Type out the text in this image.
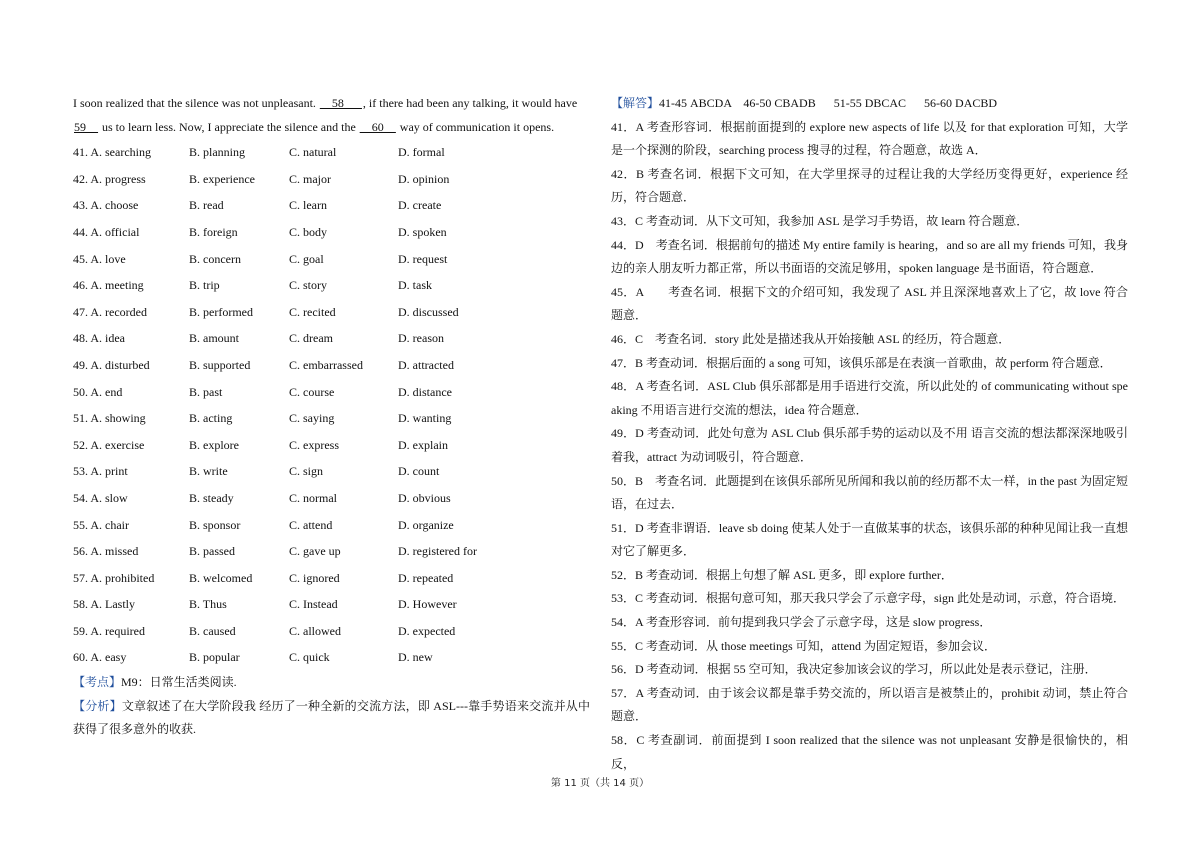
I soon realized that the silence was not unpleasant. __58___, if there had been any talking, it would have
59__ us to learn less. Now, I appreciate the silence and the __60__ way of communication it opens.
41. A. searching	B. planning	C. natural	D. formal
42. A. progress	B. experience	C. major	D. opinion
43. A. choose	B. read	C. learn	D. create
44. A. official	B. foreign	C. body	D. spoken
45. A. love	B. concern	C. goal	D. request
46. A. meeting	B. trip	C. story	D. task
47. A. recorded	B. performed	C. recited	D. discussed
48. A. idea	B. amount	C. dream	D. reason
49. A. disturbed	B. supported	C. embarrassed	D. attracted
50. A. end	B. past	C. course	D. distance
51. A. showing	B. acting	C. saying	D. wanting
52. A. exercise	B. explore	C. express	D. explain
53. A. print	B. write	C. sign	D. count
54. A. slow	B. steady	C. normal	D. obvious
55. A. chair	B. sponsor	C. attend	D. organize
56. A. missed	B. passed	C. gave up	D. registered for
57. A. prohibited	B. welcomed	C. ignored	D. repeated
58. A. Lastly	B. Thus	C. Instead	D. However
59. A. required	B. caused	C. allowed	D. expected
60. A. easy	B. popular	C. quick	D. new
【考点】M9：日常生活类阅读.
【分析】文章叙述了在大学阶段我 经历了一种全新的交流方法，即 ASL---靠手势语来交流并从中获得了很多意外的收获.
【解答】41-45 ABCDA    46-50 CBADB      51-55 DBCAC      56-60 DACBD
41．A 考查形容词．根据前面提到的 explore new aspects of life 以及 for that exploration 可知，大学是一个探测的阶段，searching process 搜寻的过程，符合题意，故选 A．
42．B 考查名词．根据下文可知，在大学里探寻的过程让我的大学经历变得更好，experience 经历，符合题意．
43．C 考查动词．从下文可知，我参加 ASL 是学习手势语，故 learn 符合题意．
44．D　考查名词．根据前句的描述 My entire family is hearing，and so are all my friends 可知，我身边的亲人朋友听力都正常，所以书面语的交流足够用，spoken language 是书面语，符合题意．
45．A　　考查名词．根据下文的介绍可知，我发现了 ASL 并且深深地喜欢上了它，故 love 符合题意．
46．C　考查名词．story 此处是描述我从开始接触 ASL 的经历，符合题意．
47．B 考查动词．根据后面的 a song 可知，该俱乐部是在表演一首歌曲，故 perform 符合题意．
48．A 考查名词．ASL Club 俱乐部都是用手语进行交流，所以此处的 of communicating without speaking 不用语言进行交流的想法，idea 符合题意．
49．D 考查动词．此处句意为 ASL Club 俱乐部手势的运动以及不用 语言交流的想法都深深地吸引着我，attract 为动词吸引，符合题意．
50．B　考查名词．此题提到在该俱乐部所见所闻和我以前的经历都不太一样，in the past 为固定短语，在过去．
51．D 考查非谓语．leave sb doing 使某人处于一直做某事的状态，该俱乐部的种种见闻让我一直想对它了解更多．
52．B 考查动词．根据上句想了解 ASL 更多，即 explore further．
53．C 考查动词．根据句意可知，那天我只学会了示意字母，sign 此处是动词，示意，符合语境．
54．A 考查形容词．前句提到我只学会了示意字母，这是 slow progress．
55．C 考查动词．从 those meetings 可知，attend 为固定短语，参加会议．
56．D 考查动词．根据 55 空可知，我决定参加该会议的学习，所以此处是表示登记，注册．
57．A 考查动词．由于该会议都是靠手势交流的，所以语言是被禁止的，prohibit 动词，禁止符合题意．
58．C 考查副词．前面提到 I soon realized that the silence was not unpleasant 安静是很愉快的，相反，
第 11 页（共 14 页）
